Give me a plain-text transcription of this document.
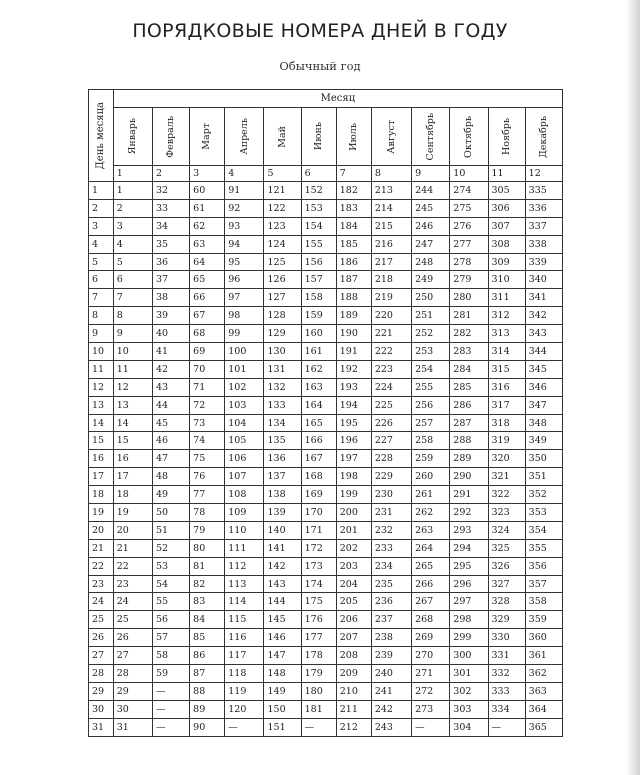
ПОРЯДКОВЫЕ НОМЕРА ДНЕЙ В ГОДУ
Обычный год
День месяца	Месяц											

	Январь	Февраль	Март	Апрель	Май	Июнь	Июль	Август	Сентябрь	Октябрь	Ноябрь	Декабрь

	1	2	3	4	5	6	7	8	9	10	11	12
1	1	32	60	91	121	152	182	213	244	274	305	335
2	2	33	61	92	122	153	183	214	245	275	306	336
3	3	34	62	93	123	154	184	215	246	276	307	337
4	4	35	63	94	124	155	185	216	247	277	308	338
5	5	36	64	95	125	156	186	217	248	278	309	339
6	6	37	65	96	126	157	187	218	249	279	310	340
7	7	38	66	97	127	158	188	219	250	280	311	341
8	8	39	67	98	128	159	189	220	251	281	312	342
9	9	40	68	99	129	160	190	221	252	282	313	343
10	10	41	69	100	130	161	191	222	253	283	314	344
11	11	42	70	101	131	162	192	223	254	284	315	345
12	12	43	71	102	132	163	193	224	255	285	316	346
13	13	44	72	103	133	164	194	225	256	286	317	347
14	14	45	73	104	134	165	195	226	257	287	318	348
15	15	46	74	105	135	166	196	227	258	288	319	349
16	16	47	75	106	136	167	197	228	259	289	320	350
17	17	48	76	107	137	168	198	229	260	290	321	351
18	18	49	77	108	138	169	199	230	261	291	322	352
19	19	50	78	109	139	170	200	231	262	292	323	353
20	20	51	79	110	140	171	201	232	263	293	324	354
21	21	52	80	111	141	172	202	233	264	294	325	355
22	22	53	81	112	142	173	203	234	265	295	326	356
23	23	54	82	113	143	174	204	235	266	296	327	357
24	24	55	83	114	144	175	205	236	267	297	328	358
25	25	56	84	115	145	176	206	237	268	298	329	359
26	26	57	85	116	146	177	207	238	269	299	330	360
27	27	58	86	117	147	178	208	239	270	300	331	361
28	28	59	87	118	148	179	209	240	271	301	332	362
29	29	—	88	119	149	180	210	241	272	302	333	363
30	30	—	89	120	150	181	211	242	273	303	334	364
31	31	—	90	—	151	—	212	243	—	304	—	365
